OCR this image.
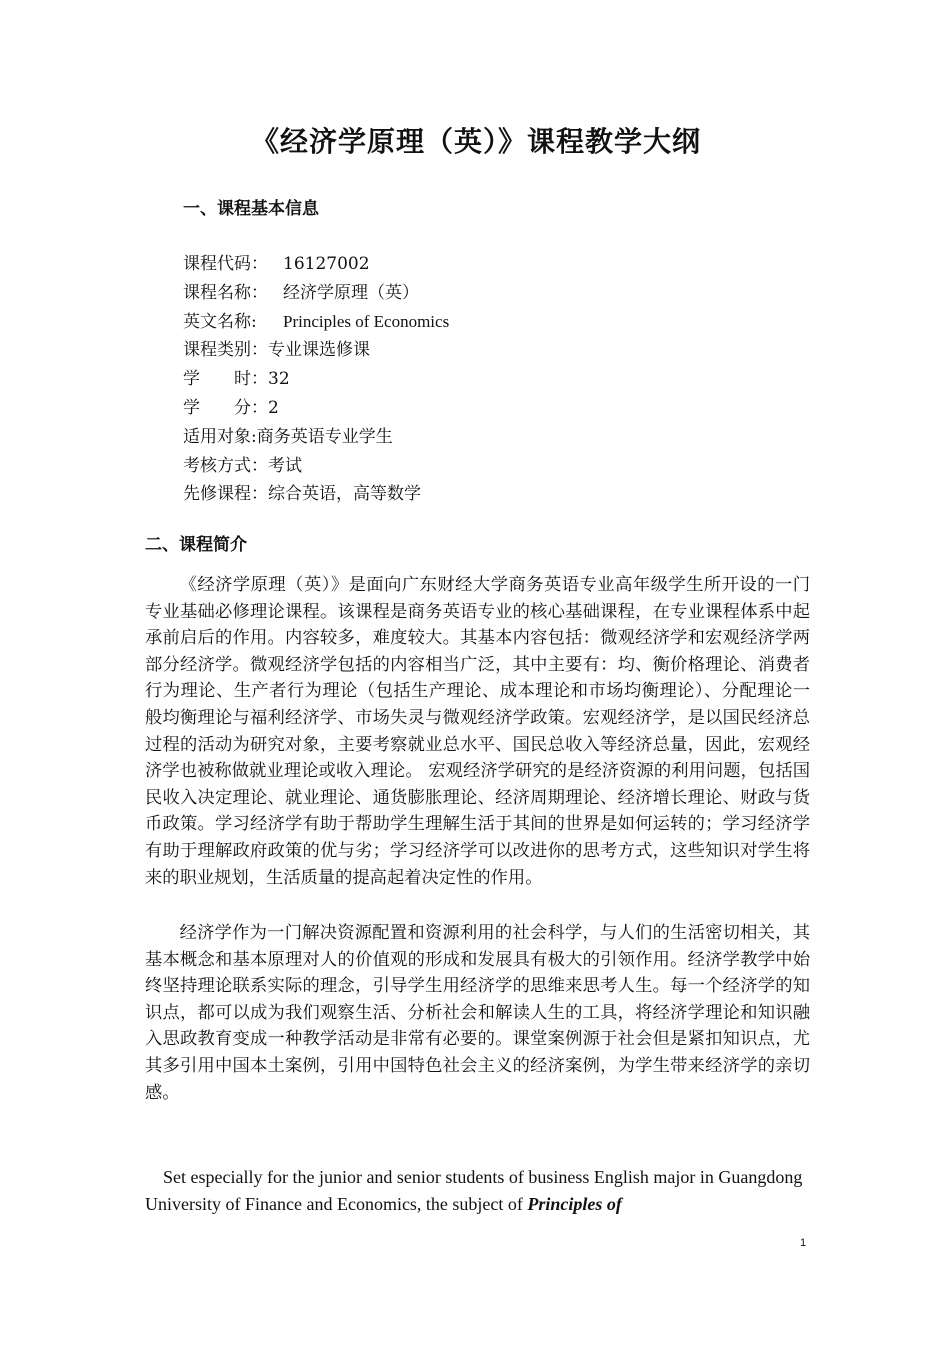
《经济学原理（英）》课程教学大纲
一、课程基本信息
课程代码： 16127002
课程名称： 经济学原理（英）
英文名称: Principles of Economics
课程类别：专业课选修课
学　　时：32
学　　分：2
适用对象:商务英语专业学生
考核方式：考试
先修课程：综合英语，高等数学
二、课程简介

《经济学原理（英）》是面向广东财经大学商务英语专业高年级学生所开设的一门专业基础必修理论课程。该课程是商务英语专业的核心基础课程，在专业课程体系中起承前启后的作用。内容较多，难度较大。其基本内容包括：微观经济学和宏观经济学两部分经济学。微观经济学包括的内容相当广泛，其中主要有：均、衡价格理论、消费者行为理论、生产者行为理论（包括生产理论、成本理论和市场均衡理论）、分配理论一般均衡理论与福利经济学、市场失灵与微观经济学政策。宏观经济学，是以国民经济总过程的活动为研究对象，主要考察就业总水平、国民总收入等经济总量，因此，宏观经济学也被称做就业理论或收入理论。 宏观经济学研究的是经济资源的利用问题，包括国民收入决定理论、就业理论、通货膨胀理论、经济周期理论、经济增长理论、财政与货币政策。学习经济学有助于帮助学生理解生活于其间的世界是如何运转的；学习经济学有助于理解政府政策的优与劣；学习经济学可以改进你的思考方式，这些知识对学生将来的职业规划，生活质量的提高起着决定性的作用。

经济学作为一门解决资源配置和资源利用的社会科学，与人们的生活密切相关，其基本概念和基本原理对人的价值观的形成和发展具有极大的引领作用。经济学教学中始终坚持理论联系实际的理念，引导学生用经济学的思维来思考人生。每一个经济学的知识点，都可以成为我们观察生活、分析社会和解读人生的工具，将经济学理论和知识融入思政教育变成一种教学活动是非常有必要的。课堂案例源于社会但是紧扣知识点，尤其多引用中国本土案例，引用中国特色社会主义的经济案例，为学生带来经济学的亲切感。

Set especially for the junior and senior students of business English major in Guangdong University of Finance and Economics, the subject of Principles of

1
